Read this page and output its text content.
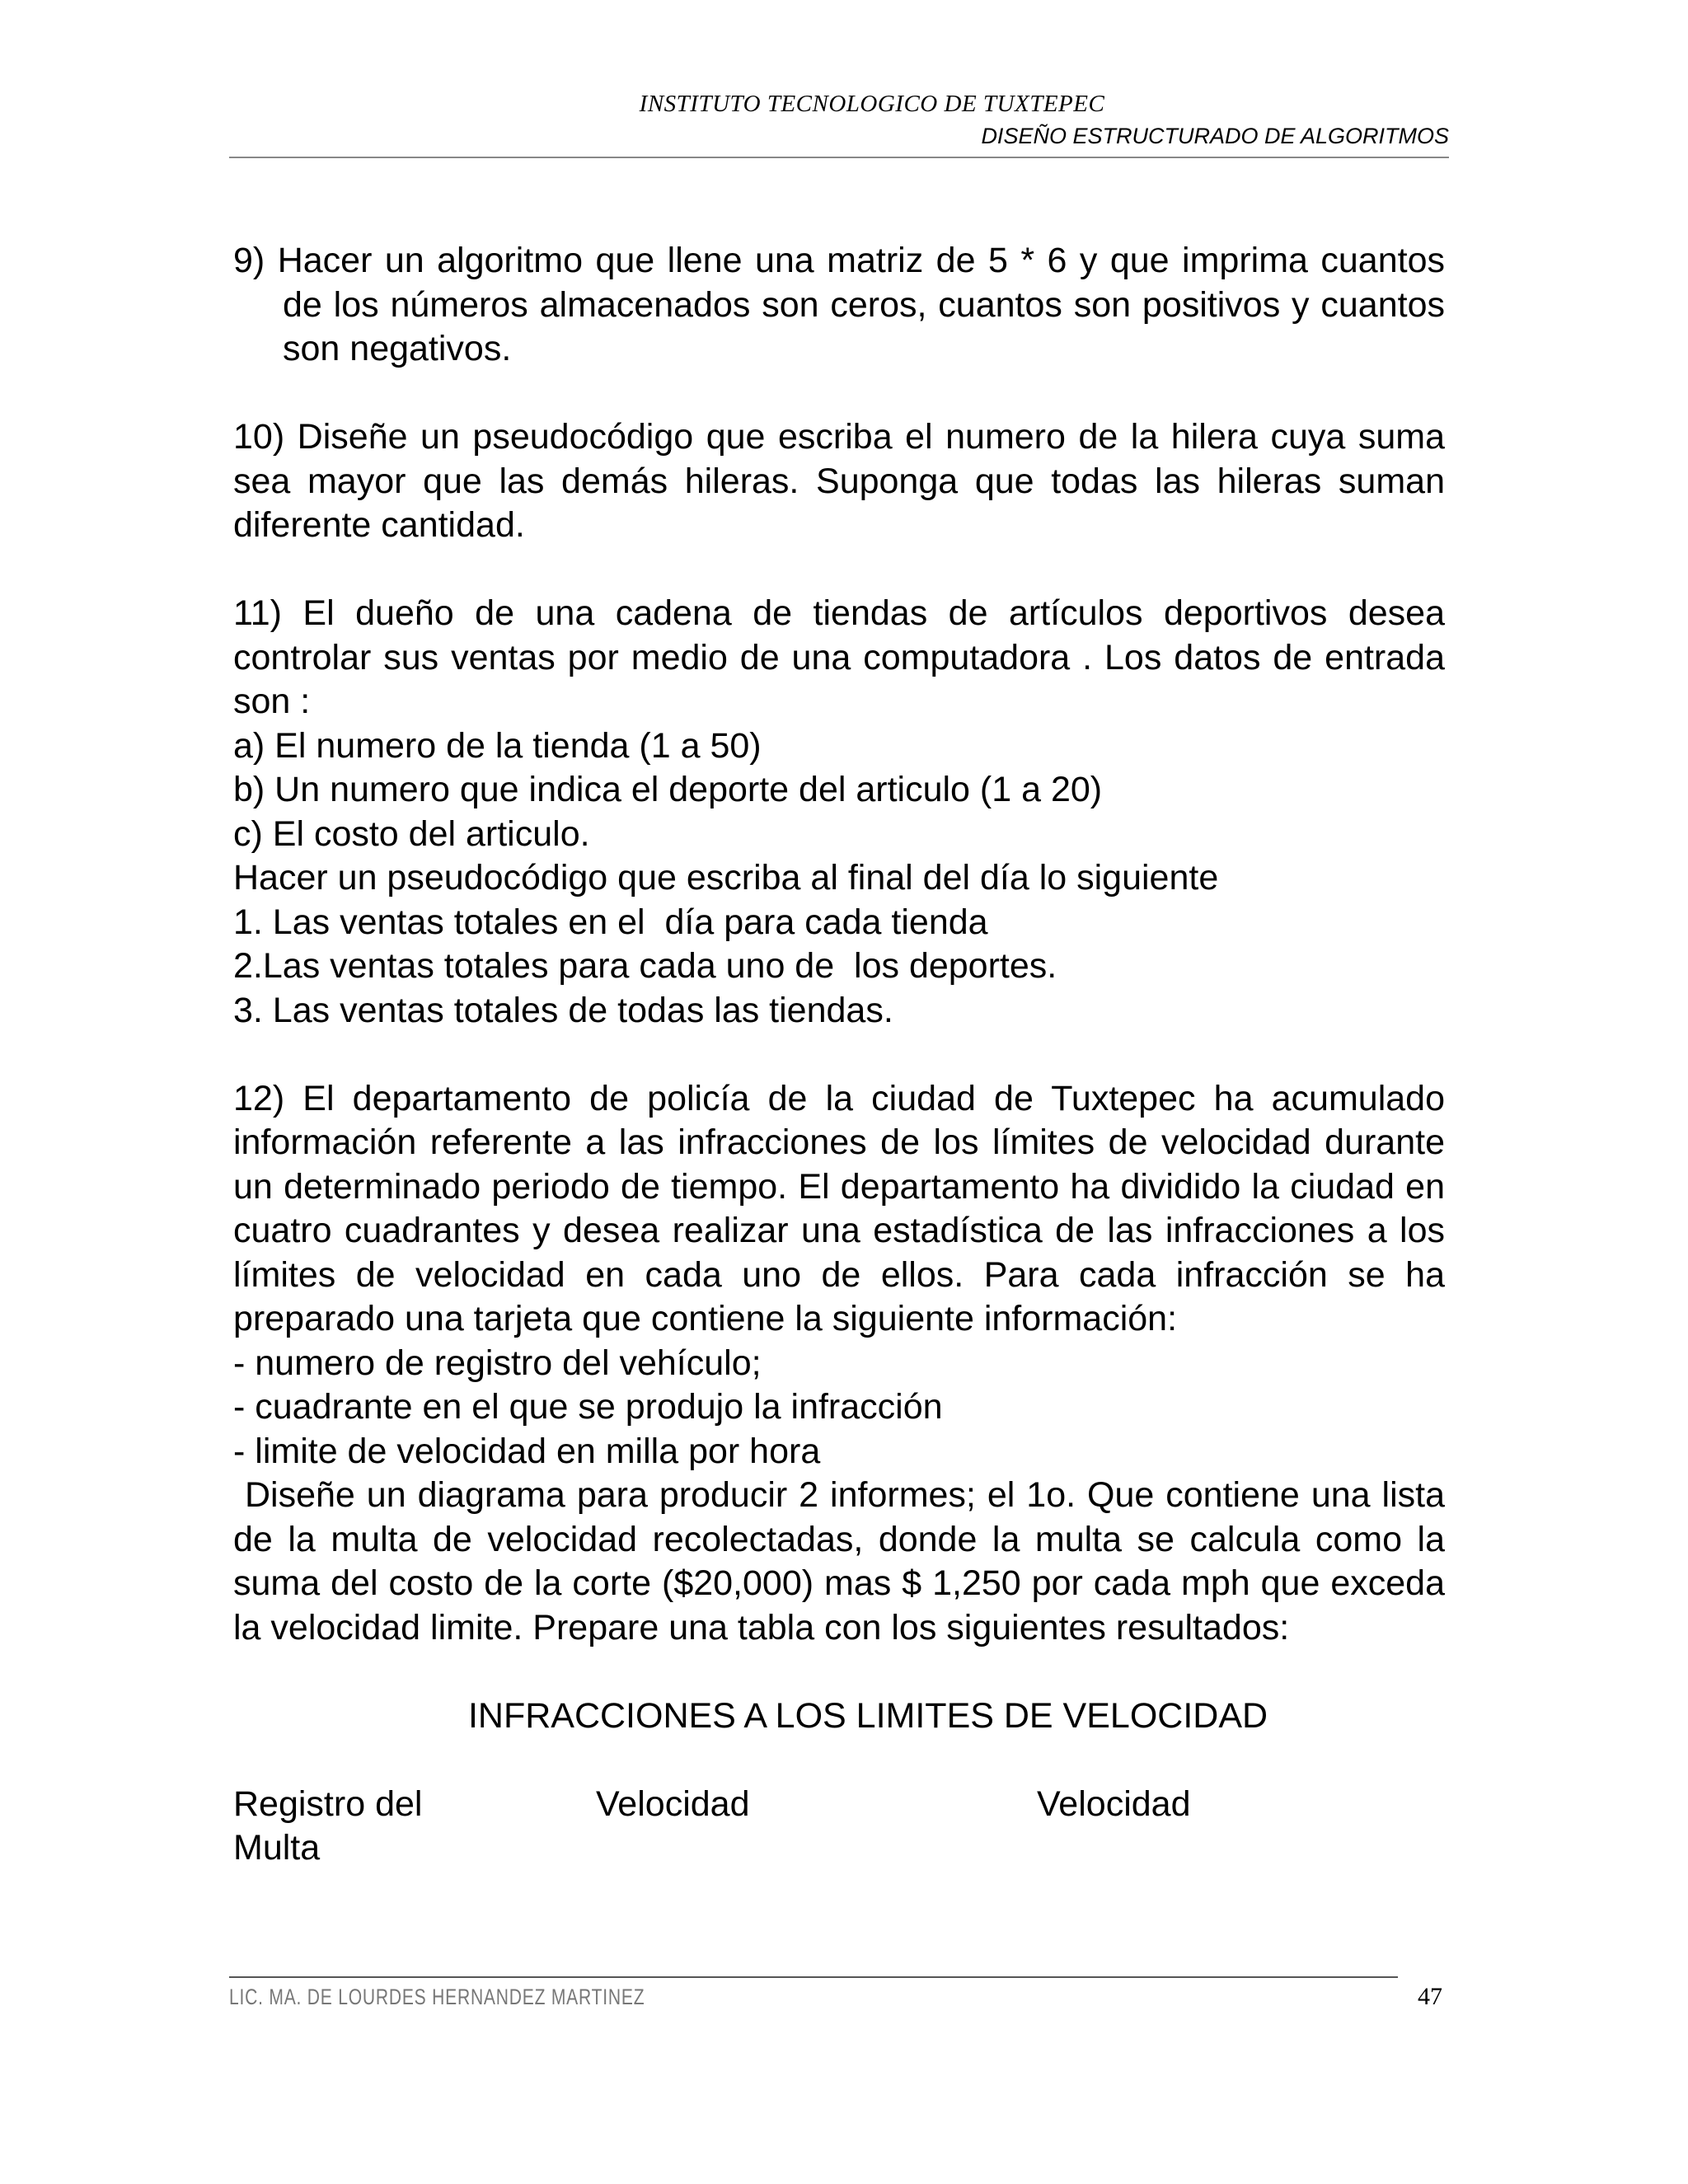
INSTITUTO TECNOLOGICO DE TUXTEPEC
DISEÑO ESTRUCTURADO DE ALGORITMOS
9) Hacer un algoritmo que llene una matriz de 5 * 6 y que imprima cuantos de los números almacenados son ceros, cuantos son positivos y cuantos son negativos.
10) Diseñe un pseudocódigo que escriba el numero de la hilera cuya suma sea mayor que las demás hileras. Suponga que todas las hileras suman diferente cantidad.
11) El dueño de una cadena de tiendas de artículos deportivos desea controlar sus ventas por medio de una computadora . Los datos de entrada son :
a) El numero de la tienda (1 a 50)
b) Un numero que indica el deporte del articulo (1 a 20)
c) El costo del articulo.
Hacer un pseudocódigo que escriba al final del día lo siguiente
1. Las ventas totales en el  día para cada tienda
2.Las ventas totales para cada uno de  los deportes.
3. Las ventas totales de todas las tiendas.
12) El departamento de policía de la ciudad de Tuxtepec ha acumulado información referente a las infracciones de los límites de velocidad durante un determinado periodo de tiempo. El departamento ha dividido la ciudad en cuatro cuadrantes y desea realizar una estadística de las infracciones a los límites de velocidad en cada uno de ellos. Para cada infracción se ha preparado una tarjeta que contiene la siguiente información:
- numero de registro del vehículo;
- cuadrante en el que se produjo la infracción
- limite de velocidad en milla por hora
Diseñe un diagrama para producir 2 informes; el 1o. Que contiene una lista de la multa de velocidad recolectadas, donde la multa se calcula como la suma del costo de la corte ($20,000) mas $ 1,250 por cada mph que exceda la velocidad limite. Prepare una tabla con los siguientes resultados:
INFRACCIONES A LOS LIMITES DE VELOCIDAD
Registro del	Velocidad	Velocidad
Multa
LIC. MA. DE LOURDES HERNANDEZ MARTINEZ	47
